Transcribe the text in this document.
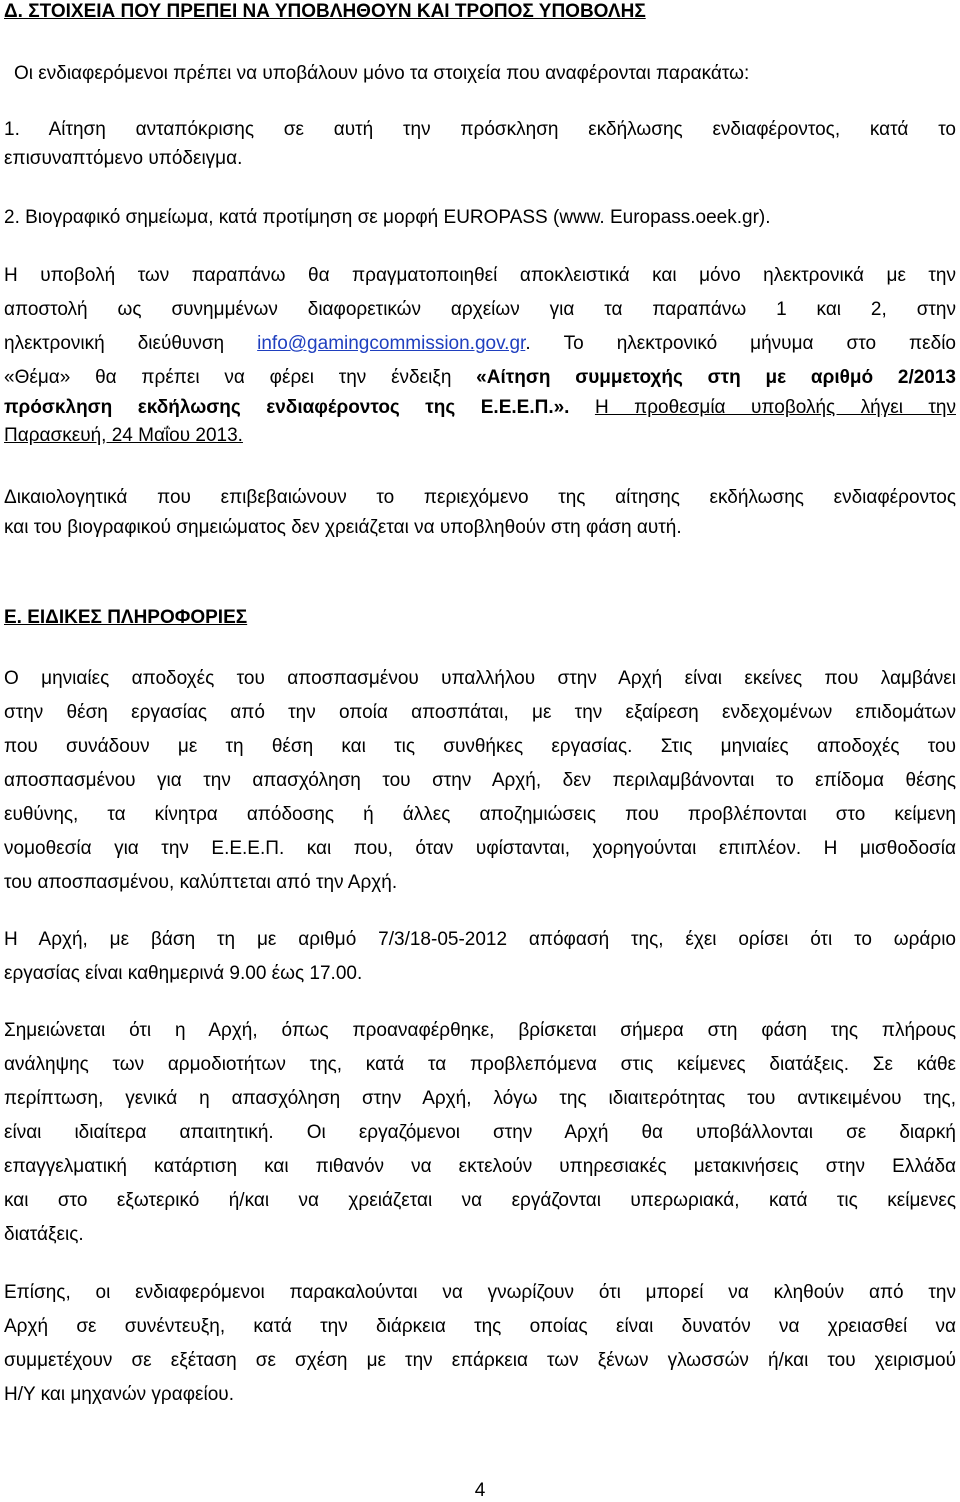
Δ. ΣΤΟΙΧΕΙΑ ΠΟΥ ΠΡΕΠΕΙ ΝΑ ΥΠΟΒΛΗΘΟΥΝ ΚΑΙ ΤΡΟΠΟΣ ΥΠΟΒΟΛΗΣ
Οι ενδιαφερόμενοι πρέπει να υποβάλουν μόνο τα στοιχεία που αναφέρονται παρακάτω:
1. Αίτηση ανταπόκρισης σε αυτή την πρόσκληση εκδήλωσης ενδιαφέροντος, κατά το
επισυναπτόμενο υπόδειγμα.
2. Βιογραφικό σημείωμα, κατά προτίμηση σε μορφή EUROPASS (www. Europass.oeek.gr).
Η υποβολή των παραπάνω θα πραγματοποιηθεί αποκλειστικά και μόνο ηλεκτρονικά με την
αποστολή ως συνημμένων διαφορετικών αρχείων για τα παραπάνω 1 και 2, στην
ηλεκτρονική διεύθυνση info@gamingcommission.gov.gr. Το ηλεκτρονικό μήνυμα στο πεδίο
«Θέμα» θα πρέπει να φέρει την ένδειξη «Αίτηση συμμετοχής στη με αριθμό 2/2013
πρόσκληση εκδήλωσης ενδιαφέροντος της Ε.Ε.Ε.Π.». Η προθεσμία υποβολής λήγει την
Παρασκευή, 24 Μαΐου 2013.
Δικαιολογητικά που επιβεβαιώνουν το περιεχόμενο της αίτησης εκδήλωσης ενδιαφέροντος
και του βιογραφικού σημειώματος δεν χρειάζεται να υποβληθούν στη φάση αυτή.
Ε. ΕΙΔΙΚΕΣ ΠΛΗΡΟΦΟΡΙΕΣ
Ο μηνιαίες αποδοχές του αποσπασμένου υπαλλήλου στην Αρχή είναι εκείνες που λαμβάνει
στην θέση εργασίας από την οποία αποσπάται, με την εξαίρεση ενδεχομένων επιδομάτων
που συνάδουν με τη θέση και τις συνθήκες εργασίας. Στις μηνιαίες αποδοχές του
αποσπασμένου για την απασχόληση του στην Αρχή, δεν περιλαμβάνονται το επίδομα θέσης
ευθύνης, τα κίνητρα απόδοσης ή άλλες αποζημιώσεις που προβλέπονται στο κείμενη
νομοθεσία για την Ε.Ε.Ε.Π. και που, όταν υφίστανται, χορηγούνται επιπλέον. Η μισθοδοσία
του αποσπασμένου, καλύπτεται από την Αρχή.
Η Αρχή, με βάση τη με αριθμό 7/3/18-05-2012 απόφασή της, έχει ορίσει ότι το ωράριο
εργασίας είναι καθημερινά 9.00 έως 17.00.
Σημειώνεται ότι η Αρχή, όπως προαναφέρθηκε, βρίσκεται σήμερα στη φάση της πλήρους
ανάληψης των αρμοδιοτήτων της, κατά τα προβλεπόμενα στις κείμενες διατάξεις. Σε κάθε
περίπτωση, γενικά η απασχόληση στην Αρχή, λόγω της ιδιαιτερότητας του αντικειμένου της,
είναι ιδιαίτερα απαιτητική. Οι εργαζόμενοι στην Αρχή θα υποβάλλονται σε διαρκή
επαγγελματική κατάρτιση και πιθανόν να εκτελούν υπηρεσιακές μετακινήσεις στην Ελλάδα
και στο εξωτερικό ή/και να χρειάζεται να εργάζονται υπερωριακά, κατά τις κείμενες
διατάξεις.
Επίσης, οι ενδιαφερόμενοι παρακαλούνται να γνωρίζουν ότι μπορεί να κληθούν από την
Αρχή σε συνέντευξη, κατά την διάρκεια της οποίας είναι δυνατόν να χρειασθεί να
συμμετέχουν σε εξέταση σε σχέση με την επάρκεια των ξένων γλωσσών ή/και του χειρισμού
Η/Υ και μηχανών γραφείου.
4
